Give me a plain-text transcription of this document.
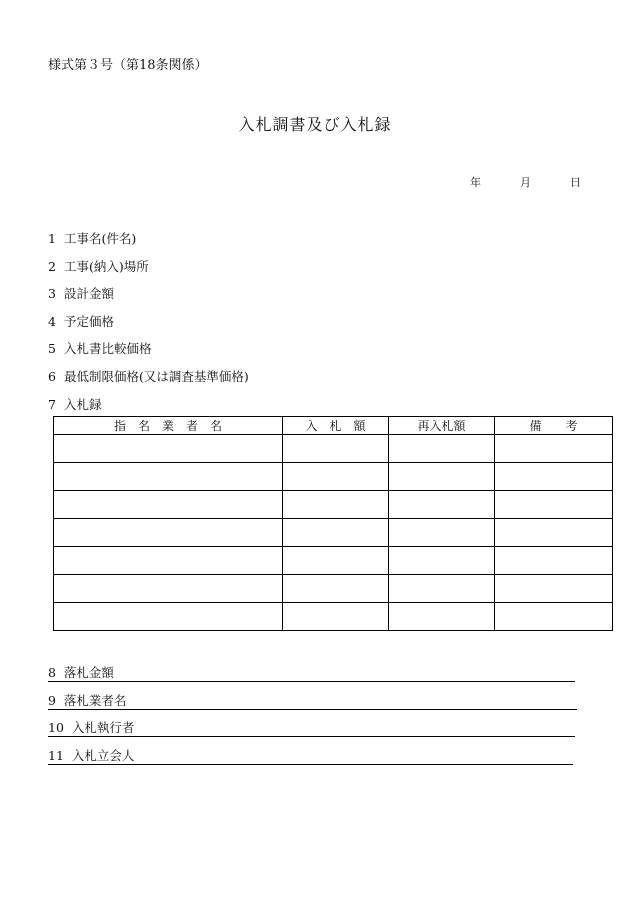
様式第３号（第18条関係）
入札調書及び入札録
年	月	日
1 工事名(件名)
2 工事(納入)場所
3 設計金額
4 予定価格
5 入札書比較価格
6 最低制限価格(又は調査基準価格)
7 入札録
指　名　業　者　名	入　札　額	再入札額	備　　考

8 落札金額
9 落札業者名
10 入札執行者
11 入札立会人
